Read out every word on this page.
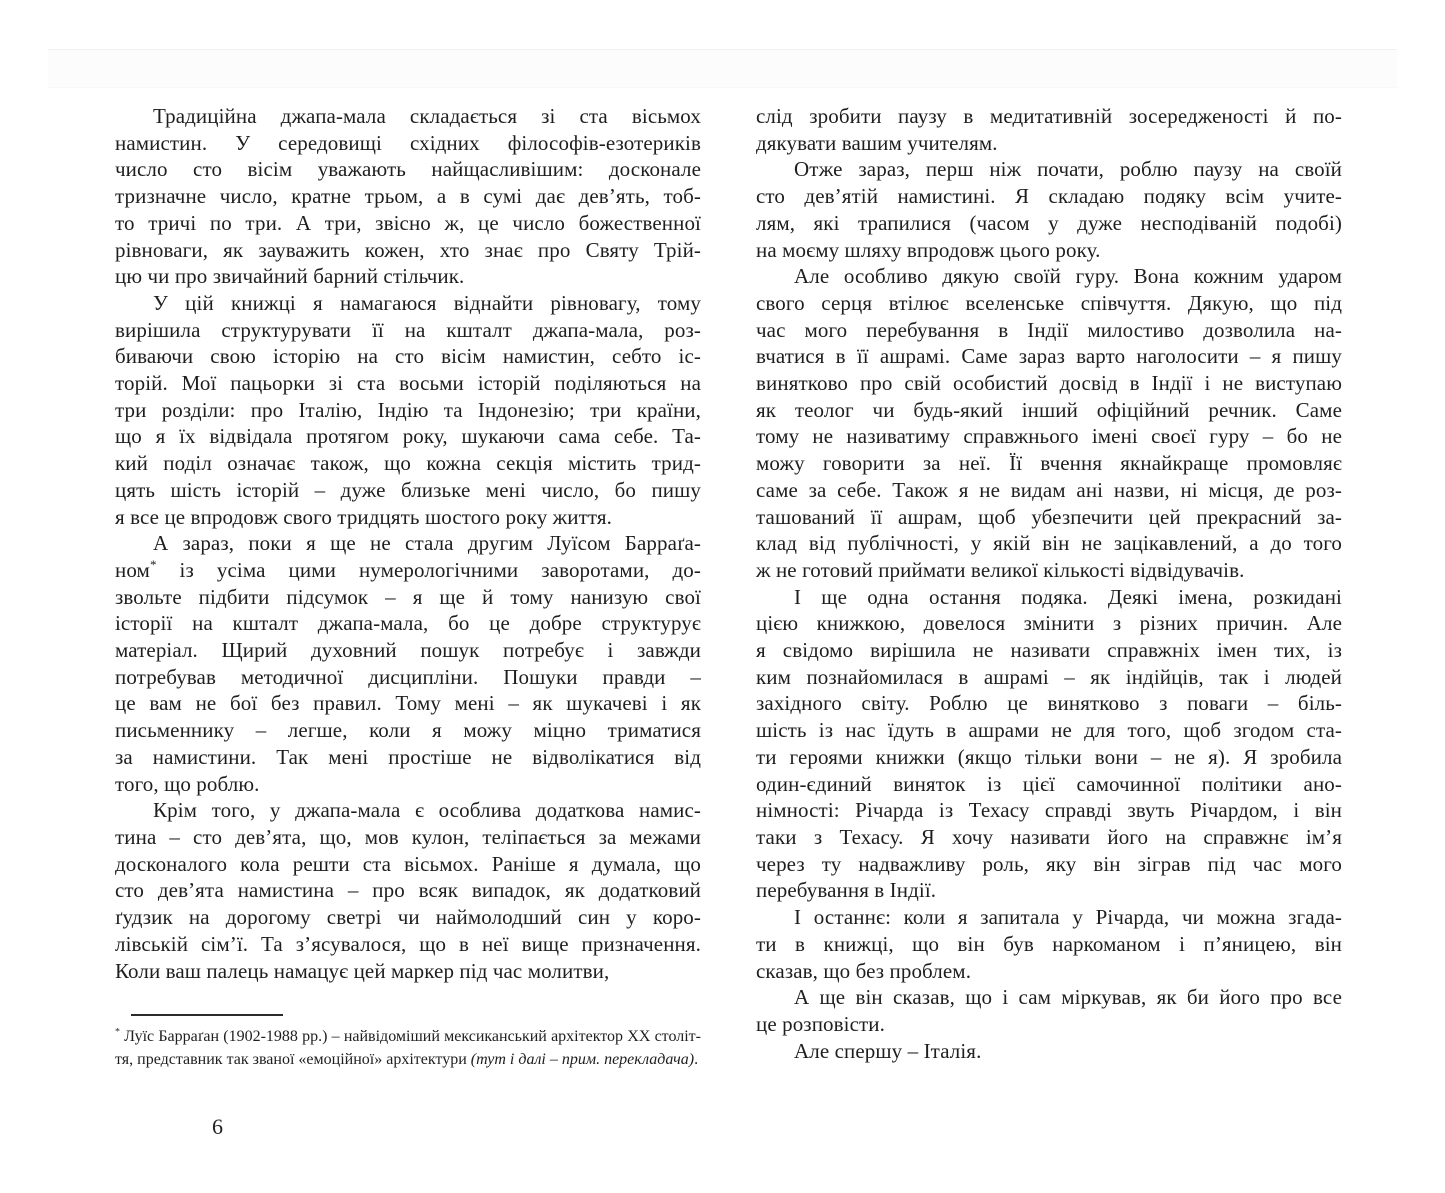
Традиційна джапа-мала складається зі ста вісьмох
намистин. У середовищі східних філософів-езотериків
число сто вісім уважають найщасливішим: досконале
тризначне число, кратне трьом, а в сумі дає дев’ять, тоб-
то тричі по три. А три, звісно ж, це число божественної
рівноваги, як зауважить кожен, хто знає про Святу Трій-
цю чи про звичайний барний стільчик.
У цій книжці я намагаюся віднайти рівновагу, тому
вирішила структурувати її на кшталт джапа-мала, роз-
биваючи свою історію на сто вісім намистин, себто іс-
торій. Мої пацьорки зі ста восьми історій поділяються на
три розділи: про Італію, Індію та Індонезію; три країни,
що я їх відвідала протягом року, шукаючи сама себе. Та-
кий поділ означає також, що кожна секція містить трид-
цять шість історій – дуже близьке мені число, бо пишу
я все це впродовж свого тридцять шостого року життя.
А зараз, поки я ще не стала другим Луїсом Барраґа-
ном* із усіма цими нумерологічними заворотами, до-
звольте підбити підсумок – я ще й тому нанизую свої
історії на кшталт джапа-мала, бо це добре структурує
матеріал. Щирий духовний пошук потребує і завжди
потребував методичної дисципліни. Пошуки правди –
це вам не бої без правил. Тому мені – як шукачеві і як
письменнику – легше, коли я можу міцно триматися
за намистини. Так мені простіше не відволікатися від
того, що роблю.
Крім того, у джапа-мала є особлива додаткова намис-
тина – сто дев’ята, що, мов кулон, теліпається за межами
досконалого кола решти ста вісьмох. Раніше я думала, що
сто дев’ята намистина – про всяк випадок, як додатковий
ґудзик на дорогому светрі чи наймолодший син у коро-
лівській сім’ї. Та з’ясувалося, що в неї вище призначення.
Коли ваш палець намацує цей маркер під час молитви,
слід зробити паузу в медитативній зосередженості й по-
дякувати вашим учителям.
Отже зараз, перш ніж почати, роблю паузу на своїй
сто дев’ятій намистині. Я складаю подяку всім учите-
лям, які трапилися (часом у дуже несподіваній подобі)
на моєму шляху впродовж цього року.
Але особливо дякую своїй гуру. Вона кожним ударом
свого серця втілює вселенське співчуття. Дякую, що під
час мого перебування в Індії милостиво дозволила на-
вчатися в її ашрамі. Саме зараз варто наголосити – я пишу
винятково про свій особистий досвід в Індії і не виступаю
як теолог чи будь-який інший офіційний речник. Саме
тому не називатиму справжнього імені своєї гуру – бо не
можу говорити за неї. Її вчення якнайкраще промовляє
саме за себе. Також я не видам ані назви, ні місця, де роз-
ташований її ашрам, щоб убезпечити цей прекрасний за-
клад від публічності, у якій він не зацікавлений, а до того
ж не готовий приймати великої кількості відвідувачів.
І ще одна остання подяка. Деякі імена, розкидані
цією книжкою, довелося змінити з різних причин. Але
я свідомо вирішила не називати справжніх імен тих, із
ким познайомилася в ашрамі – як індійців, так і людей
західного світу. Роблю це винятково з поваги – біль-
шість із нас їдуть в ашрами не для того, щоб згодом ста-
ти героями книжки (якщо тільки вони – не я). Я зробила
один-єдиний виняток із цієї самочинної політики ано-
німності: Річарда із Техасу справді звуть Річардом, і він
таки з Техасу. Я хочу називати його на справжнє ім’я
через ту надважливу роль, яку він зіграв під час мого
перебування в Індії.
І останнє: коли я запитала у Річарда, чи можна згада-
ти в книжці, що він був наркоманом і п’яницею, він
сказав, що без проблем.
А ще він сказав, що і сам міркував, як би його про все
це розповісти.
Але спершу – Італія.
* Луїс Барраґан (1902-1988 рр.) – найвідоміший мексиканський архітектор XX століт-
тя, представник так званої «емоційної» архітектури (тут і далі – прим. перекладача).
6
